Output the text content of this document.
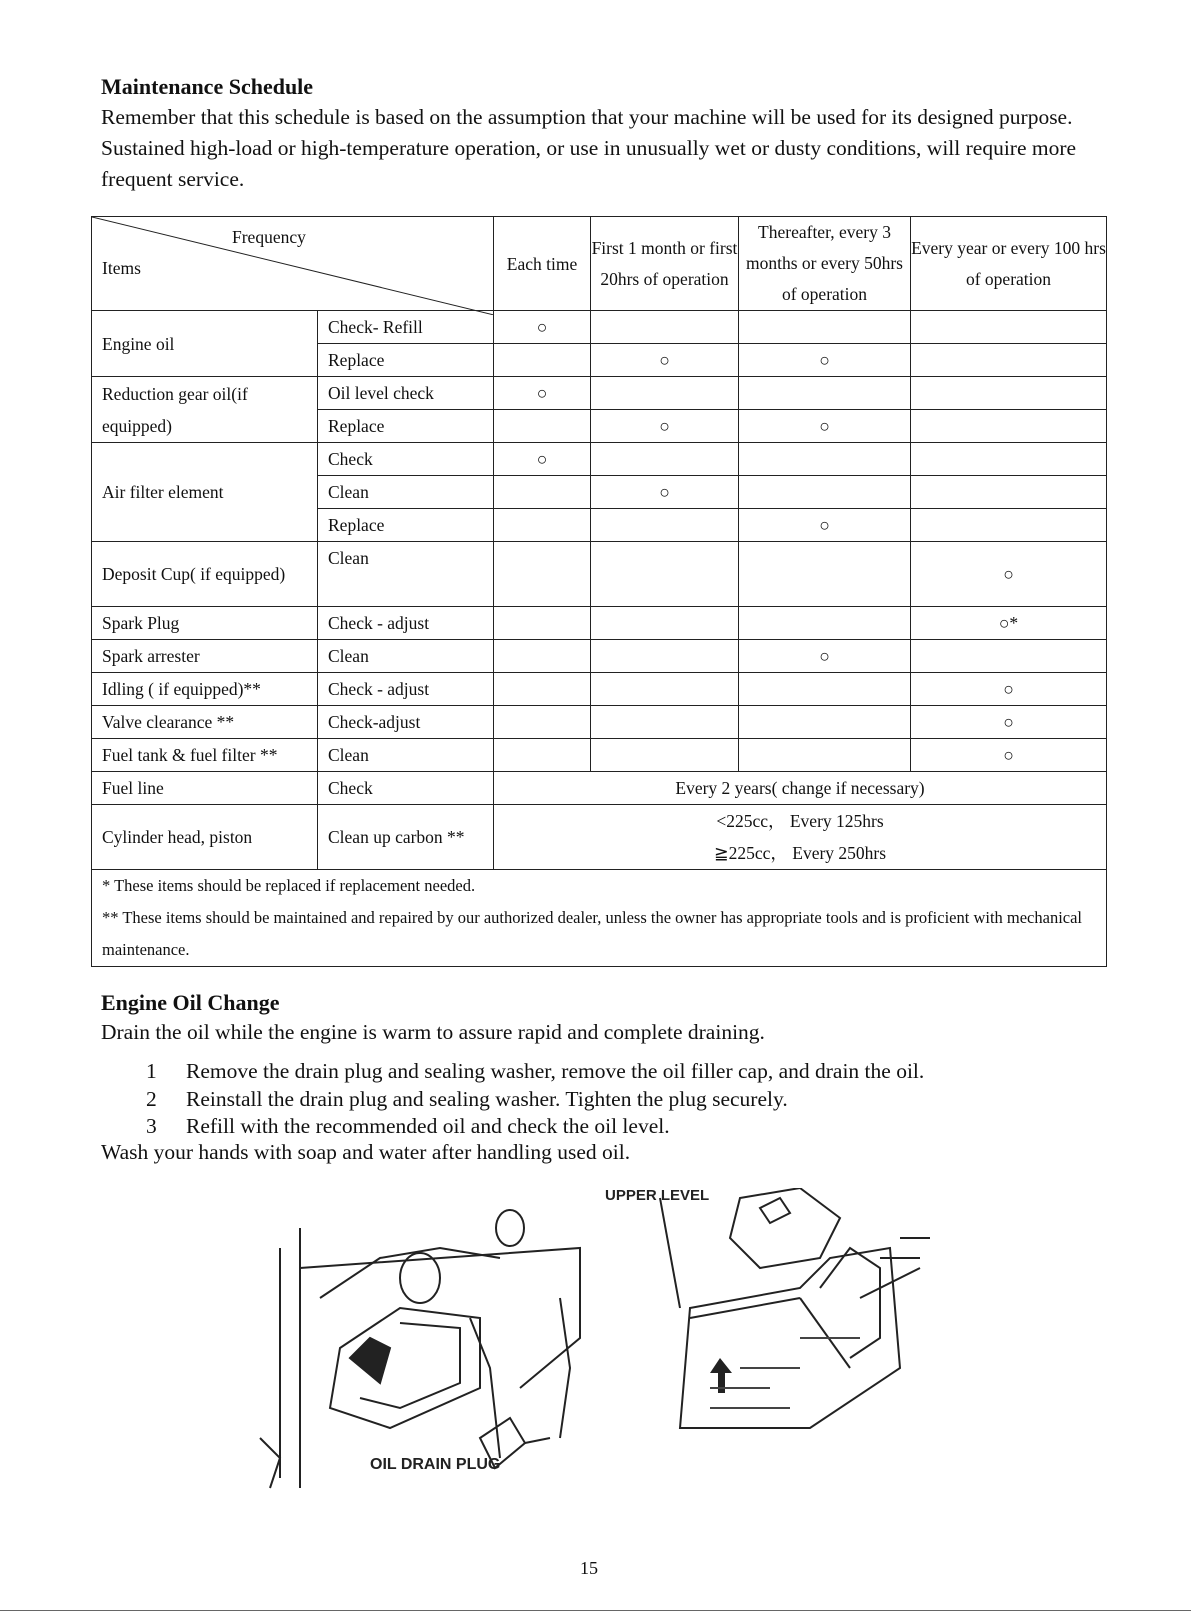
Maintenance Schedule
Remember that this schedule is based on the assumption that your machine will be used for its designed purpose. Sustained high-load or high-temperature operation, or use in unusually wet or dusty conditions, will require more frequent service.
Frequency
Items		Each time	First 1 month or first 20hrs of operation	Thereafter, every 3 months or every 50hrs of operation	Every year or every 100 hrs of operation
Engine oil	Check- Refill	○			
	Replace		○	○	
Reduction gear oil(if equipped)	Oil level check	○			
	Replace		○	○	
Air filter element	Check	○			
	Clean		○		
	Replace			○	
Deposit Cup( if equipped)	Clean				○
Spark Plug	Check - adjust				○*
Spark arrester	Clean			○	
Idling ( if equipped)**	Check - adjust				○
Valve clearance **	Check-adjust				○
Fuel tank & fuel filter **	Clean				○
Fuel line	Check	Every 2 years( change if necessary)			
Cylinder head, piston	Clean up carbon **	<225cc， Every 125hrs
≧225cc， Every 250hrs			

* These items should be replaced if replacement needed.
** These items should be maintained and repaired by our authorized dealer, unless the owner has appropriate tools and is proficient with mechanical maintenance.					
Engine Oil Change
Drain the oil while the engine is warm to assure rapid and complete draining.
1 Remove the drain plug and sealing washer, remove the oil filler cap, and drain the oil.
2 Reinstall the drain plug and sealing washer. Tighten the plug securely.
3 Refill with the recommended oil and check the oil level.
Wash your hands with soap and water after handling used oil.
OIL DRAIN PLUG
UPPER LEVEL
15
